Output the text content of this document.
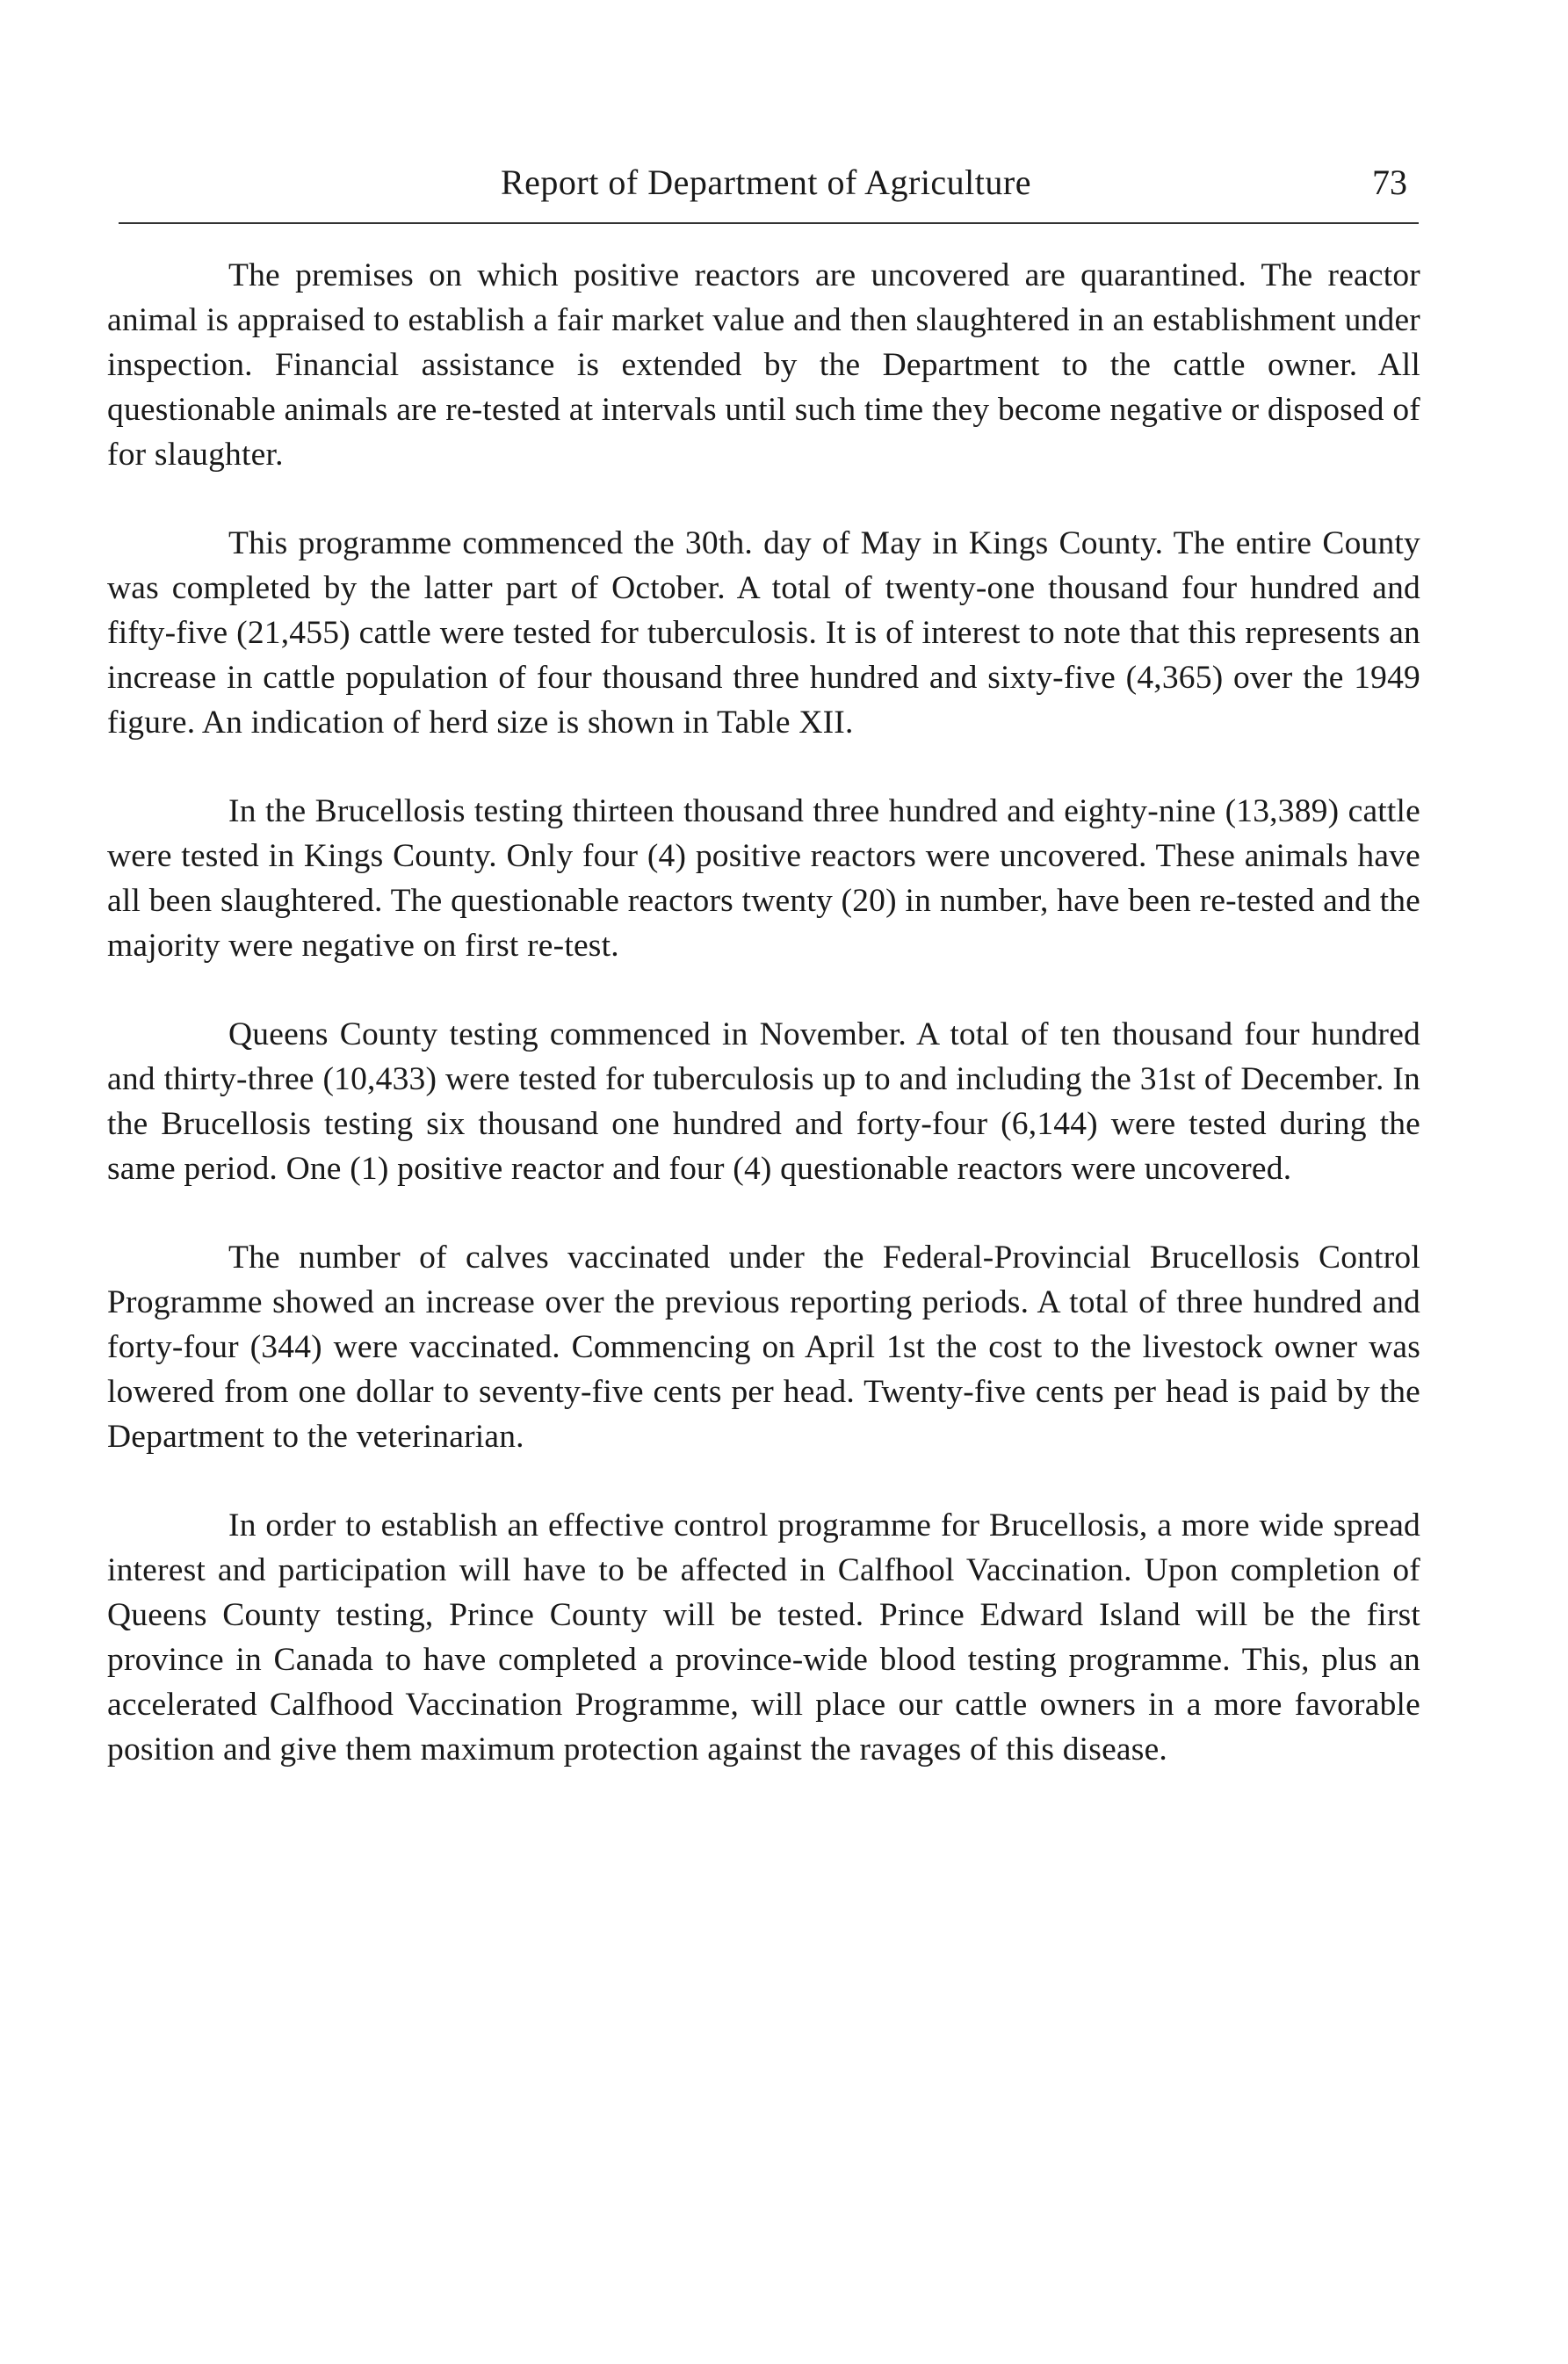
Report of Department of Agriculture	73

The premises on which positive reactors are uncovered are quarantined. The reactor animal is appraised to establish a fair market value and then slaughtered in an establishment under inspection. Financial assistance is extended by the Department to the cattle owner. All questionable animals are re-tested at intervals until such time they become negative or disposed of for slaughter.

This programme commenced the 30th. day of May in Kings County. The entire County was completed by the latter part of October. A total of twenty-one thousand four hundred and fifty-five (21,455) cattle were tested for tuberculosis. It is of interest to note that this represents an increase in cattle population of four thousand three hundred and sixty-five (4,365) over the 1949 figure. An indication of herd size is shown in Table XII.

In the Brucellosis testing thirteen thousand three hundred and eighty-nine (13,389) cattle were tested in Kings County. Only four (4) positive reactors were uncovered. These animals have all been slaughtered. The questionable reactors twenty (20) in number, have been re-tested and the majority were negative on first re-test.

Queens County testing commenced in November. A total of ten thousand four hundred and thirty-three (10,433) were tested for tuberculosis up to and including the 31st of December. In the Brucellosis testing six thousand one hundred and forty-four (6,144) were tested during the same period. One (1) positive reactor and four (4) questionable reactors were uncovered.

The number of calves vaccinated under the Federal-Provincial Brucellosis Control Programme showed an increase over the previous reporting periods. A total of three hundred and forty-four (344) were vaccinated. Commencing on April 1st the cost to the livestock owner was lowered from one dollar to seventy-five cents per head. Twenty-five cents per head is paid by the Department to the veterinarian.

In order to establish an effective control programme for Brucellosis, a more wide spread interest and participation will have to be affected in Calfhool Vaccination. Upon completion of Queens County testing, Prince County will be tested. Prince Edward Island will be the first province in Canada to have completed a province-wide blood testing programme. This, plus an accelerated Calfhood Vaccination Programme, will place our cattle owners in a more favorable position and give them maximum protection against the ravages of this disease.
